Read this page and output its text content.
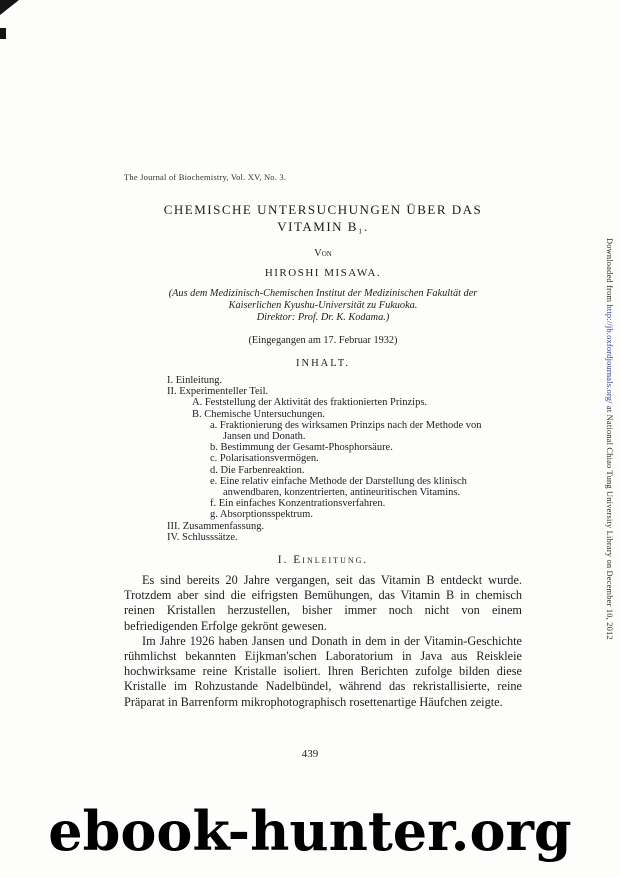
The Journal of Biochemistry, Vol. XV, No. 3.
CHEMISCHE UNTERSUCHUNGEN ÜBER DAS
VITAMIN B₁.
Von
HIROSHI MISAWA.
(Aus dem Medizinisch-Chemischen Institut der Medizinischen Fakultät der
Kaiserlichen Kyushu-Universität zu Fukuoka.
Direktor: Prof. Dr. K. Kodama.)
(Eingegangen am 17. Februar 1932)
INHALT.
I. Einleitung.
II. Experimenteller Teil.
A. Feststellung der Aktivität des fraktionierten Prinzips.
B. Chemische Untersuchungen.
a. Fraktionierung des wirksamen Prinzips nach der Methode von Jansen und Donath.
b. Bestimmung der Gesamt-Phosphorsäure.
c. Polarisationsvermögen.
d. Die Farbenreaktion.
e. Eine relativ einfache Methode der Darstellung des klinisch anwendbaren, konzentrierten, antineuritischen Vitamins.
f. Ein einfaches Konzentrationsverfahren.
g. Absorptionsspektrum.
III. Zusammenfassung.
IV. Schlusssätze.
I. Einleitung.

Es sind bereits 20 Jahre vergangen, seit das Vitamin B entdeckt wurde. Trotzdem aber sind die eifrigsten Bemühungen, das Vitamin B in chemisch reinen Kristallen herzustellen, bisher immer noch nicht von einem befriedigenden Erfolge gekrönt gewesen.

Im Jahre 1926 haben Jansen und Donath in dem in der Vitamin-Geschichte rühmlichst bekannten Eijkman'schen Laboratorium in Java aus Reiskleie hochwirksame reine Kristalle isoliert. Ihren Berichten zufolge bilden diese Kristalle im Rohzustande Nadelbündel, während das rekristallisierte, reine Präparat in Barrenform mikrophotographisch rosettenartige Häufchen zeigte.

439
Downloaded from http://jb.oxfordjournals.org/ at National Chiao Tung University Library on December 10, 2012
ebook-hunter.org
